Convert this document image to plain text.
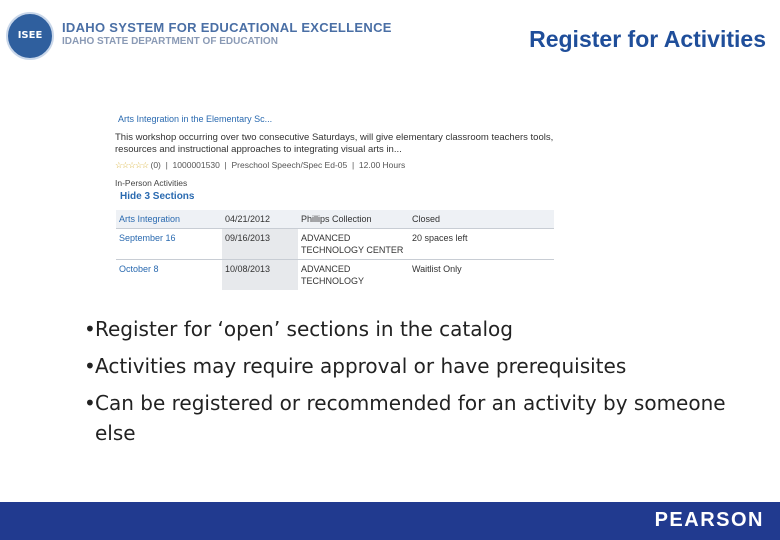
ISEE
IDAHO SYSTEM FOR EDUCATIONAL EXCELLENCE
IDAHO STATE DEPARTMENT OF EDUCATION	Register for Activities
Arts Integration in the Elementary Sc...
This workshop occurring over two consecutive Saturdays, will give elementary classroom teachers tools, resources and instructional approaches to integrating visual arts in...
☆☆☆☆☆ (0)  |  1000001530  |  Preschool Speech/Spec Ed-05  |  12.00 Hours
In-Person Activities
Hide 3 Sections
Arts Integration	04/21/2012	Phillips Collection	Closed
September 16	09/16/2013	ADVANCED TECHNOLOGY CENTER	20 spaces left
October 8	10/08/2013	ADVANCED TECHNOLOGY	Waitlist Only
• Register for ‘open’ sections in the catalog
• Activities may require approval or have prerequisites
• Can be registered or recommended for an activity by someone else
PEARSON
